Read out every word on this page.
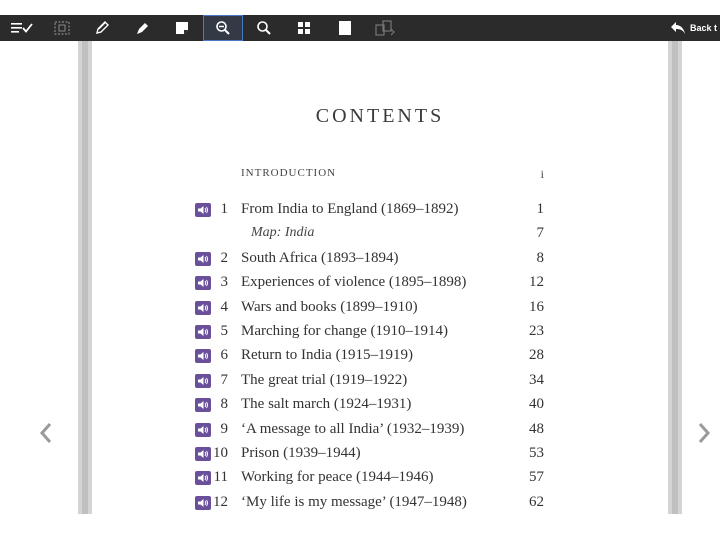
Back t
CONTENTS
INTRODUCTION	i
1 From India to England (1869–1892)	1
Map: India	7
2 South Africa (1893–1894)	8
3 Experiences of violence (1895–1898)	12
4 Wars and books (1899–1910)	16
5 Marching for change (1910–1914)	23
6 Return to India (1915–1919)	28
7 The great trial (1919–1922)	34
8 The salt march (1924–1931)	40
9 ‘A message to all India’ (1932–1939)	48
10 Prison (1939–1944)	53
11 Working for peace (1944–1946)	57
12 ‘My life is my message’ (1947–1948)	62
